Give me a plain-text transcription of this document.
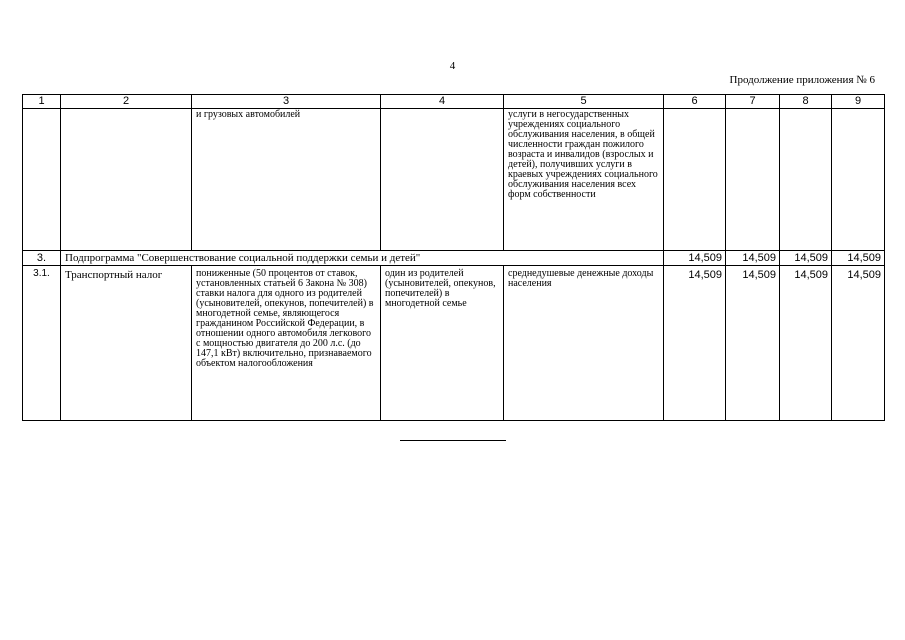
4
Продолжение приложения № 6
1	2	3	4	5	6	7	8	9
		и грузовых автомобилей		услуги в негосударственных учреждениях социального обслуживания населения, в общей численности граждан пожилого возраста и инвалидов (взрослых и детей), получивших услуги в краевых учреждениях социального обслуживания населения всех форм собственности				
3.	Подпрограмма "Совершенствование социальной поддержки семьи и детей"				14,509	14,509	14,509	14,509
3.1.	Транспортный налог	пониженные (50 процентов от ставок, установленных статьей 6 Закона № 308) ставки налога для одного из родителей (усыновителей, опекунов, попечителей) в многодетной семье, являющегося гражданином Российской Федерации, в отношении одного автомобиля легкового с мощностью двигателя до 200 л.с. (до 147,1 кВт) включительно, признаваемого объектом налогообложения	один из родителей (усыновителей, опекунов, попечителей) в многодетной семье	среднедушевые денежные доходы населения	14,509	14,509	14,509	14,509
